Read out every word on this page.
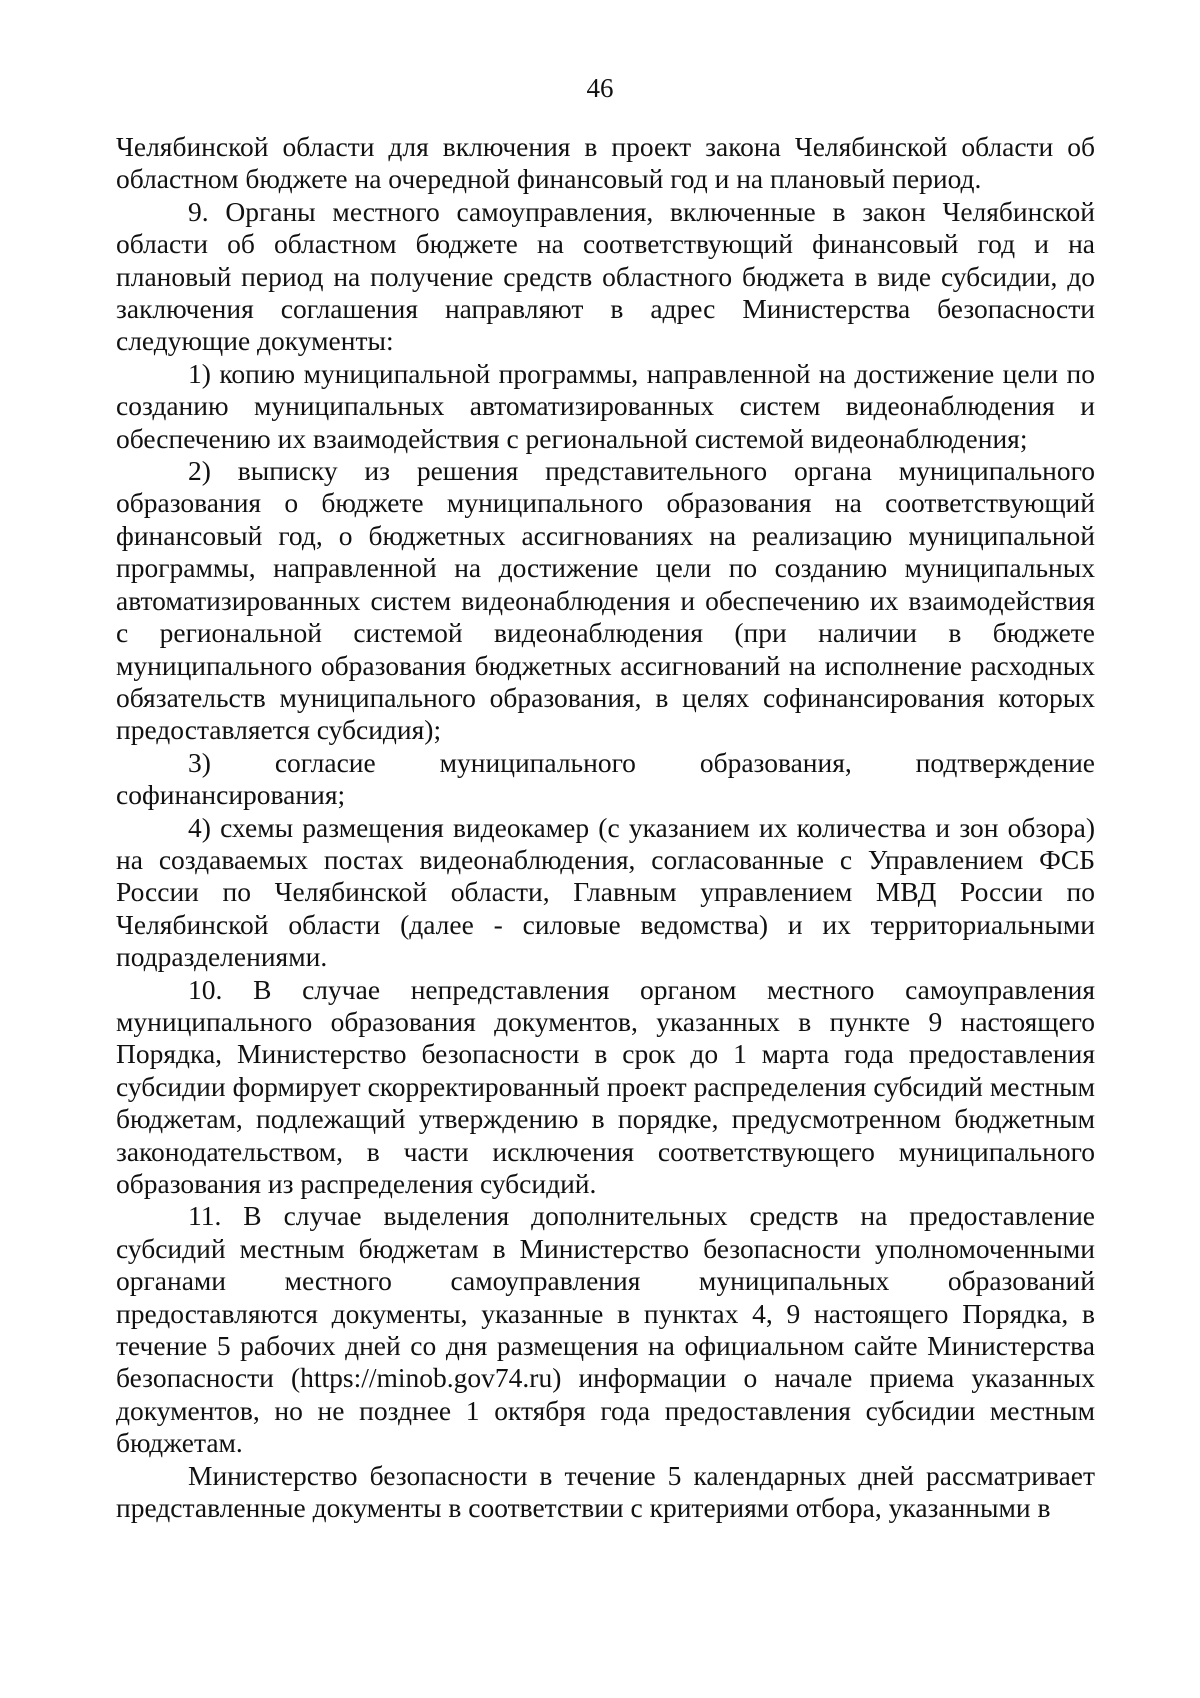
46

Челябинской области для включения в проект закона Челябинской области об областном бюджете на очередной финансовый год и на плановый период.

9. Органы местного самоуправления, включенные в закон Челябинской области об областном бюджете на соответствующий финансовый год и на плановый период на получение средств областного бюджета в виде субсидии, до заключения соглашения направляют в адрес Министерства безопасности следующие документы:

1) копию муниципальной программы, направленной на достижение цели по созданию муниципальных автоматизированных систем видеонаблюдения и обеспечению их взаимодействия с региональной системой видеонаблюдения;

2) выписку из решения представительного органа муниципального образования о бюджете муниципального образования на соответствующий финансовый год, о бюджетных ассигнованиях на реализацию муниципальной программы, направленной на достижение цели по созданию муниципальных автоматизированных систем видеонаблюдения и обеспечению их взаимодействия с региональной системой видеонаблюдения (при наличии в бюджете муниципального образования бюджетных ассигнований на исполнение расходных обязательств муниципального образования, в целях софинансирования которых предоставляется субсидия);

3) согласие муниципального образования, подтверждение софинансирования;

4) схемы размещения видеокамер (с указанием их количества и зон обзора) на создаваемых постах видеонаблюдения, согласованные с Управлением ФСБ России по Челябинской области, Главным управлением МВД России по Челябинской области (далее - силовые ведомства) и их территориальными подразделениями.

10. В случае непредставления органом местного самоуправления муниципального образования документов, указанных в пункте 9 настоящего Порядка, Министерство безопасности в срок до 1 марта года предоставления субсидии формирует скорректированный проект распределения субсидий местным бюджетам, подлежащий утверждению в порядке, предусмотренном бюджетным законодательством, в части исключения соответствующего муниципального образования из распределения субсидий.

11. В случае выделения дополнительных средств на предоставление субсидий местным бюджетам в Министерство безопасности уполномоченными органами местного самоуправления муниципальных образований предоставляются документы, указанные в пунктах 4, 9 настоящего Порядка, в течение 5 рабочих дней со дня размещения на официальном сайте Министерства безопасности (https://minob.gov74.ru) информации о начале приема указанных документов, но не позднее 1 октября года предоставления субсидии местным бюджетам.

Министерство безопасности в течение 5 календарных дней рассматривает представленные документы в соответствии с критериями отбора, указанными в
